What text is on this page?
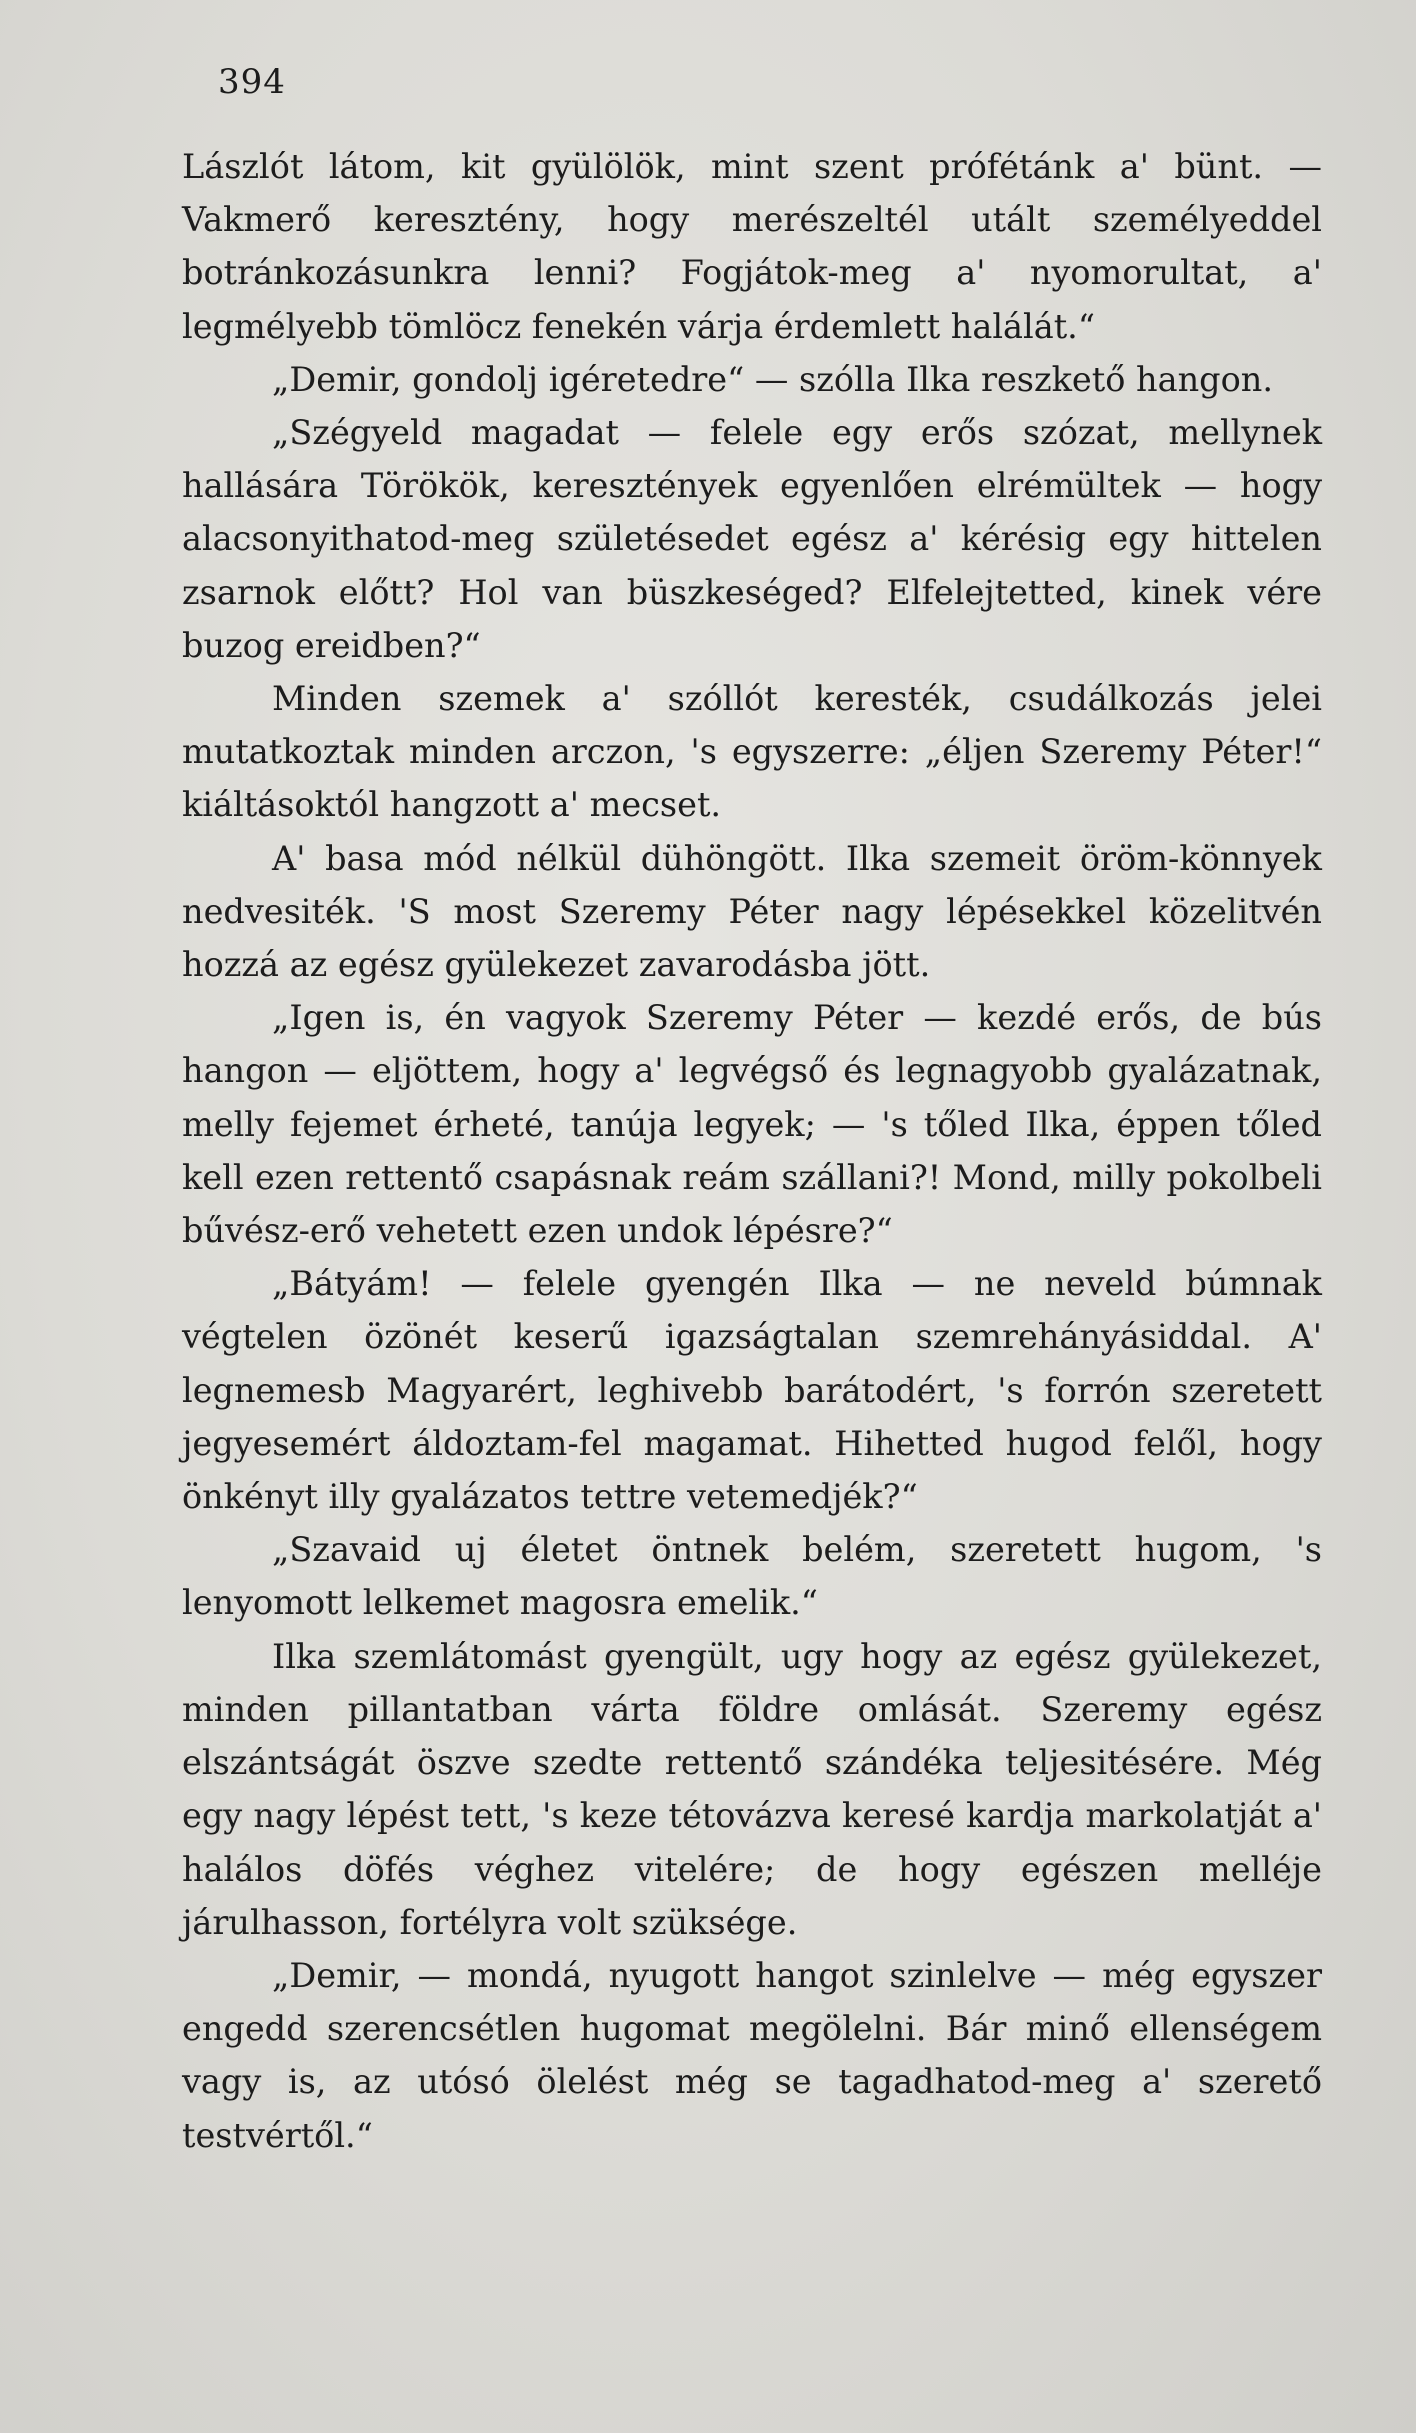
394

Lászlót látom, kit gyülölök, mint szent prófétánk a' bünt. — Vakmerő keresztény, hogy merészeltél utált személyeddel botránkozásunkra lenni? Fogjátok-meg a' nyomorultat, a' legmélyebb tömlöcz fenekén várja érdemlett halálát.“

„Demir, gondolj igéretedre“ — szólla Ilka reszkető hangon.

„Szégyeld magadat — felele egy erős szózat, mellynek hallására Törökök, keresztények egyenlően elrémültek — hogy alacsonyithatod-meg születésedet egész a' kérésig egy hittelen zsarnok előtt? Hol van büszkeséged? Elfelejtetted, kinek vére buzog ereidben?“

Minden szemek a' szóllót keresték, csudálkozás jelei mutatkoztak minden arczon, 's egyszerre: „éljen Szeremy Péter!“ kiáltásoktól hangzott a' mecset.

A' basa mód nélkül dühöngött. Ilka szemeit öröm-könnyek nedvesiték. 'S most Szeremy Péter nagy lépésekkel közelitvén hozzá az egész gyülekezet zavarodásba jött.

„Igen is, én vagyok Szeremy Péter — kezdé erős, de bús hangon — eljöttem, hogy a' legvégső és legnagyobb gyalázatnak, melly fejemet érheté, tanúja legyek; — 's tőled Ilka, éppen tőled kell ezen rettentő csapásnak reám szállani?! Mond, milly pokolbeli bűvész-erő vehetett ezen undok lépésre?“

„Bátyám! — felele gyengén Ilka — ne neveld búmnak végtelen özönét keserű igazságtalan szemrehányásiddal. A' legnemesb Magyarért, leghivebb barátodért, 's forrón szeretett jegyesemért áldoztam-fel magamat. Hihetted hugod felől, hogy önkényt illy gyalázatos tettre vetemedjék?“

„Szavaid uj életet öntnek belém, szeretett hugom, 's lenyomott lelkemet magosra emelik.“

Ilka szemlátomást gyengült, ugy hogy az egész gyülekezet, minden pillantatban várta földre omlását. Szeremy egész elszántságát öszve szedte rettentő szándéka teljesitésére. Még egy nagy lépést tett, 's keze tétovázva keresé kardja markolatját a' halálos döfés véghez vitelére; de hogy egészen melléje járulhasson, fortélyra volt szüksége.

„Demir, — mondá, nyugott hangot szinlelve — még egyszer engedd szerencsétlen hugomat megölelni. Bár minő ellenségem vagy is, az utósó ölelést még se tagadhatod-meg a' szerető testvértől.“
